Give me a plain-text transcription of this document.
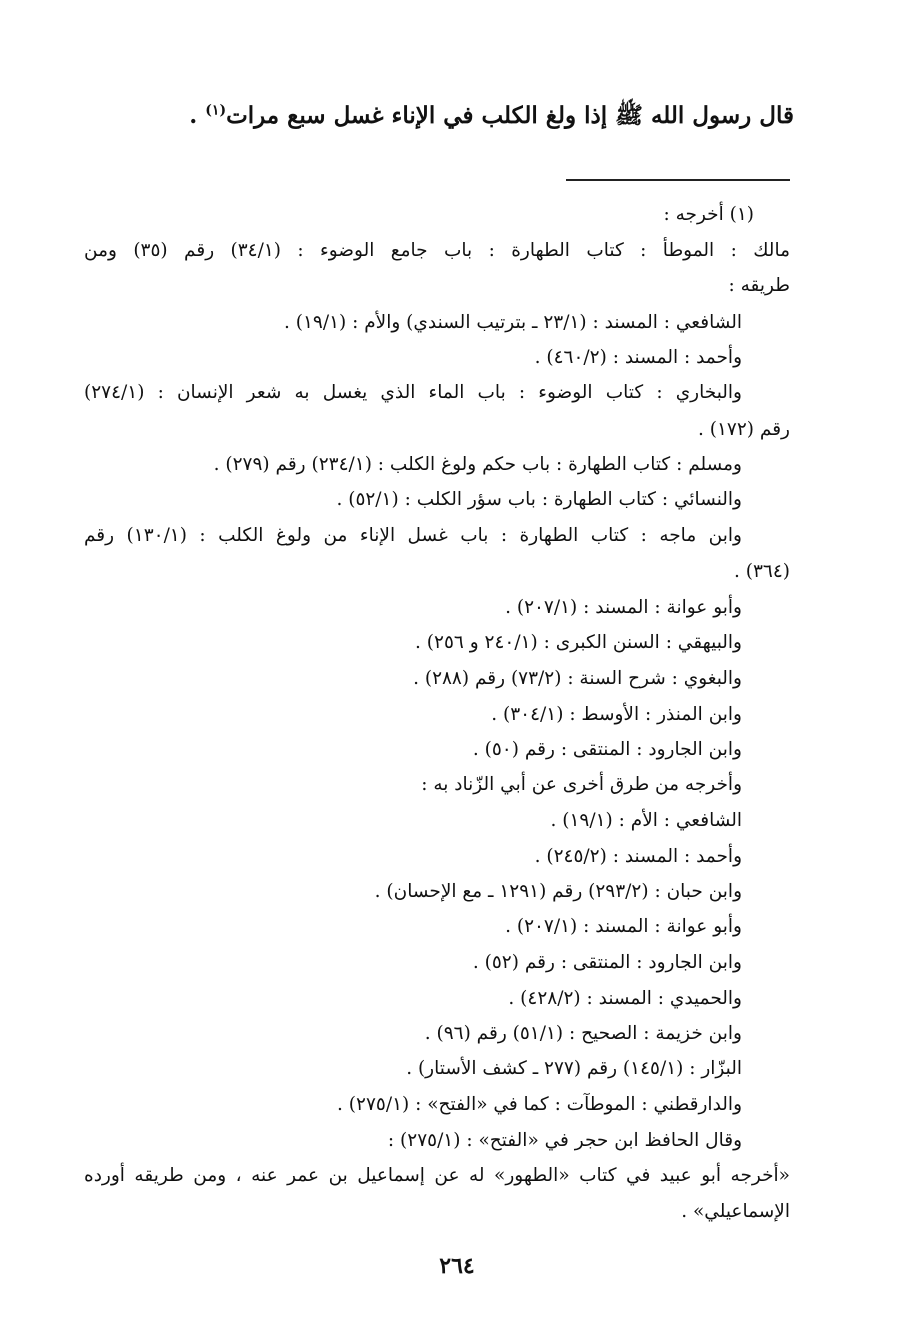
قال رسول الله ﷺ إذا ولغ الكلب في الإناء غسل سبع مرات$^{(١)}$ .
(١) أخرجه :
مالك : الموطأ : كتاب الطهارة : باب جامع الوضوء : (٣٤/١) رقم (٣٥) ومن
طريقه :
الشافعي : المسند : (٢٣/١ ـ بترتيب السندي) والأم : (١٩/١) .
وأحمد : المسند : (٤٦٠/٢) .
والبخاري : كتاب الوضوء : باب الماء الذي يغسل به شعر الإنسان : (٢٧٤/١)
رقم (١٧٢) .
ومسلم : كتاب الطهارة : باب حكم ولوغ الكلب : (٢٣٤/١) رقم (٢٧٩) .
والنسائي : كتاب الطهارة : باب سؤر الكلب : (٥٢/١) .
وابن ماجه : كتاب الطهارة : باب غسل الإناء من ولوغ الكلب : (١٣٠/١) رقم
(٣٦٤) .
وأبو عوانة : المسند : (٢٠٧/١) .
والبيهقي : السنن الكبرى : (٢٤٠/١ و ٢٥٦) .
والبغوي : شرح السنة : (٧٣/٢) رقم (٢٨٨) .
وابن المنذر : الأوسط : (٣٠٤/١) .
وابن الجارود : المنتقى : رقم (٥٠) .
وأخرجه من طرق أخرى عن أبي الزّناد به :
الشافعي : الأم : (١٩/١) .
وأحمد : المسند : (٢٤٥/٢) .
وابن حبان : (٢٩٣/٢) رقم (١٢٩١ ـ مع الإحسان) .
وأبو عوانة : المسند : (٢٠٧/١) .
وابن الجارود : المنتقى : رقم (٥٢) .
والحميدي : المسند : (٤٢٨/٢) .
وابن خزيمة : الصحيح : (٥١/١) رقم (٩٦) .
البزّار : (١٤٥/١) رقم (٢٧٧ ـ كشف الأستار) .
والدارقطني : الموطآت : كما في «الفتح» : (٢٧٥/١) .
وقال الحافظ ابن حجر في «الفتح» : (٢٧٥/١) :
«أخرجه أبو عبيد في كتاب «الطهور» له عن إسماعيل بن عمر عنه ، ومن طريقه أورده
الإسماعيلي» .
٢٦٤
